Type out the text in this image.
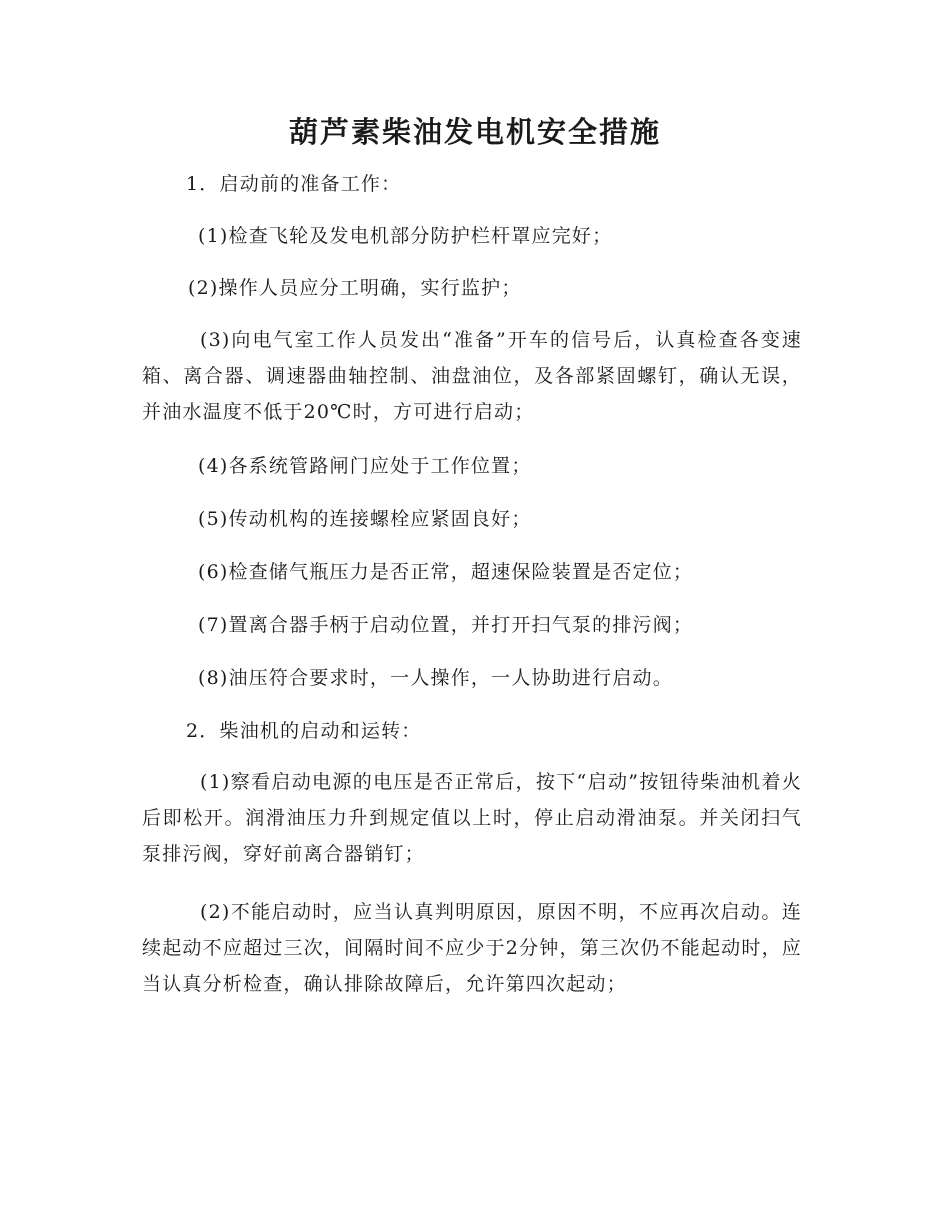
葫芦素柴油发电机安全措施
1．启动前的准备工作：
(1)检查飞轮及发电机部分防护栏杆罩应完好；
(2)操作人员应分工明确，实行监护；
(3)向电气室工作人员发出“准备”开车的信号后，认真检查各变速箱、离合器、调速器曲轴控制、油盘油位，及各部紧固螺钉，确认无误，并油水温度不低于20℃时，方可进行启动；
(4)各系统管路闸门应处于工作位置；
(5)传动机构的连接螺栓应紧固良好；
(6)检查储气瓶压力是否正常，超速保险装置是否定位；
(7)置离合器手柄于启动位置，并打开扫气泵的排污阀；
(8)油压符合要求时，一人操作，一人协助进行启动。
2．柴油机的启动和运转：
(1)察看启动电源的电压是否正常后，按下“启动”按钮待柴油机着火后即松开。润滑油压力升到规定值以上时，停止启动滑油泵。并关闭扫气泵排污阀，穿好前离合器销钉；
(2)不能启动时，应当认真判明原因，原因不明，不应再次启动。连续起动不应超过三次，间隔时间不应少于2分钟，第三次仍不能起动时，应当认真分析检查，确认排除故障后，允许第四次起动；
